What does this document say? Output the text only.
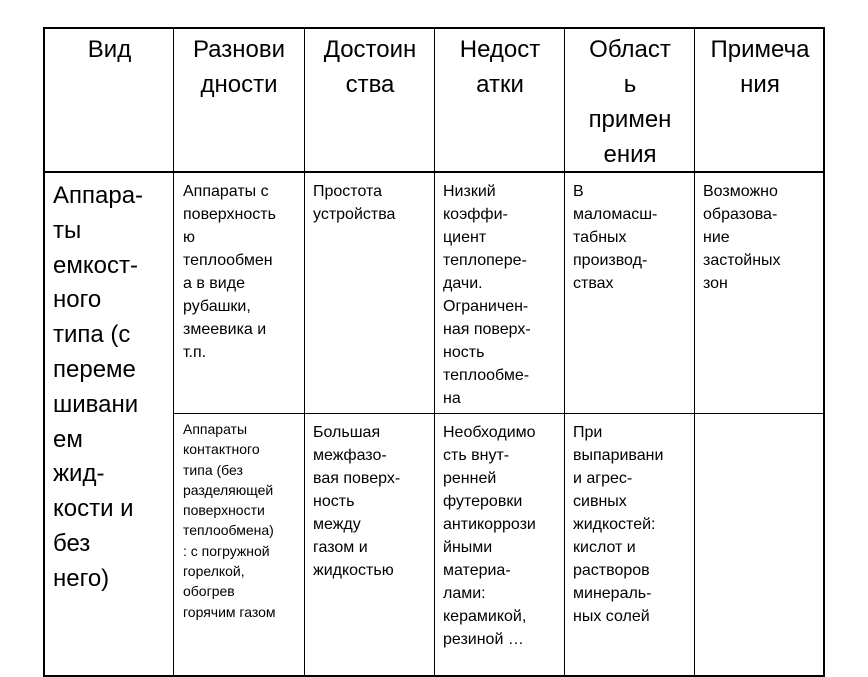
Вид	Разнови
дности
Достоин
ства
Недост
атки
Област
ь
примен
ения
Примеча
ния
Аппара-
ты
емкост-
ного
типа (с
переме
шивани
ем
жид-
кости и
без
него)
Аппараты с
поверхность
ю
теплообмен
а в виде
рубашки,
змеевика и
т.п.
Простота
устройства
Низкий
коэффи-
циент
теплопере-
дачи.
Ограничен-
ная поверх-
ность
теплообме-
на
В
маломасш-
табных
производ-
ствах
Возможно
образова-
ние
застойных
зон
Аппараты
контактного
типа (без
разделяющей
поверхности
теплообмена)
: с погружной
горелкой,
обогрев
горячим газом
Большая
межфазо-
вая поверх-
ность
между
газом и
жидкостью
Необходимо
сть внут-
ренней
футеровки
антикоррози
йными
материа-
лами:
керамикой,
резиной …
При
выпаривани
и агрес-
сивных
жидкостей:
кислот и
растворов
минераль-
ных солей
